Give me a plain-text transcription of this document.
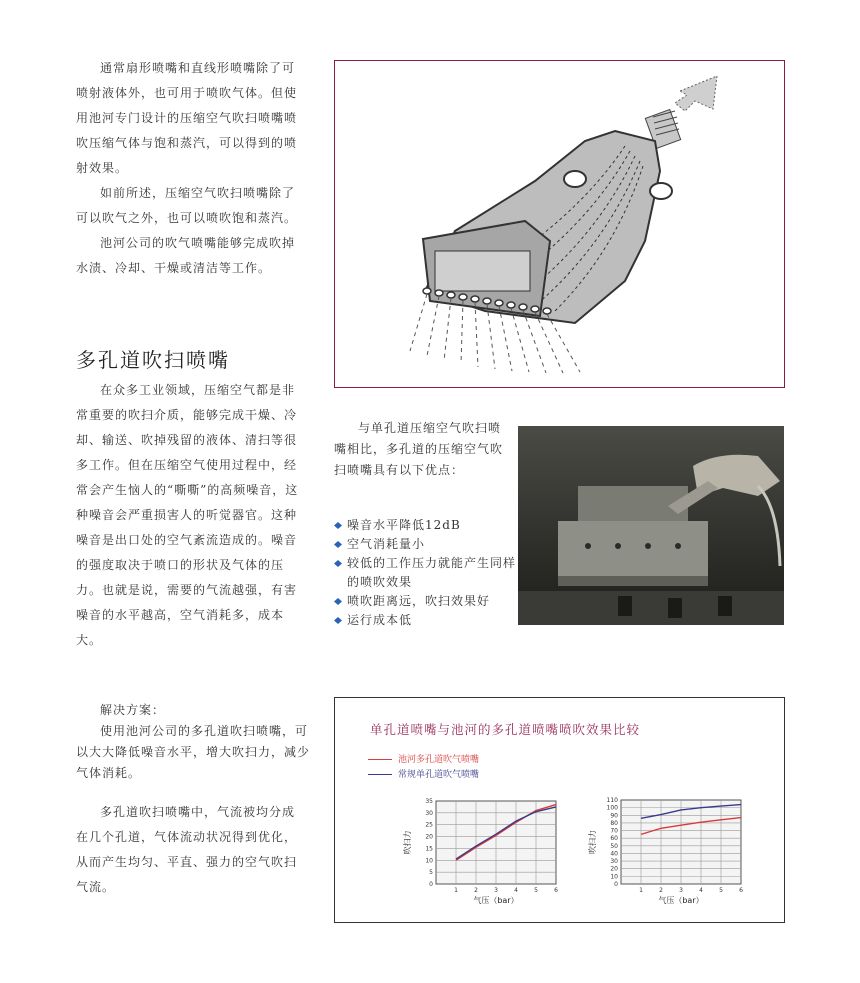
通常扇形喷嘴和直线形喷嘴除了可喷射液体外，也可用于喷吹气体。但使用池河专门设计的压缩空气吹扫喷嘴喷吹压缩气体与饱和蒸汽，可以得到的喷射效果。

如前所述，压缩空气吹扫喷嘴除了可以吹气之外，也可以喷吹饱和蒸汽。

池河公司的吹气喷嘴能够完成吹掉水渍、冷却、干燥或清洁等工作。

多孔道吹扫喷嘴

在众多工业领域，压缩空气都是非常重要的吹扫介质，能够完成干燥、冷却、输送、吹掉残留的液体、清扫等很多工作。但在压缩空气使用过程中，经常会产生恼人的“嘶嘶”的高频噪音，这种噪音会严重损害人的听觉器官。这种噪音是出口处的空气紊流造成的。噪音的强度取决于喷口的形状及气体的压力。也就是说，需要的气流越强，有害噪音的水平越高，空气消耗多，成本大。

与单孔道压缩空气吹扫喷嘴相比，多孔道的压缩空气吹扫喷嘴具有以下优点：

噪音水平降低12dB
空气消耗量小
较低的工作压力就能产生同样的喷吹效果
喷吹距离远，吹扫效果好
运行成本低

解决方案：

使用池河公司的多孔道吹扫喷嘴，可以大大降低噪音水平，增大吹扫力，减少气体消耗。

多孔道吹扫喷嘴中，气流被均分成在几个孔道，气体流动状况得到优化，从而产生均匀、平直、强力的空气吹扫气流。

单孔道喷嘴与池河的多孔道喷嘴喷吹效果比较
池河多孔道吹气喷嘴
常规单孔道吹气喷嘴
0
5
10
15
20
25
30
35
1	2	3	4	5	6
气压（bar）
吹扫力
0
10
20
30
40
50
60
70
80
90
100
110
1	2	3	4	5	6
气压（bar）
吹扫力
